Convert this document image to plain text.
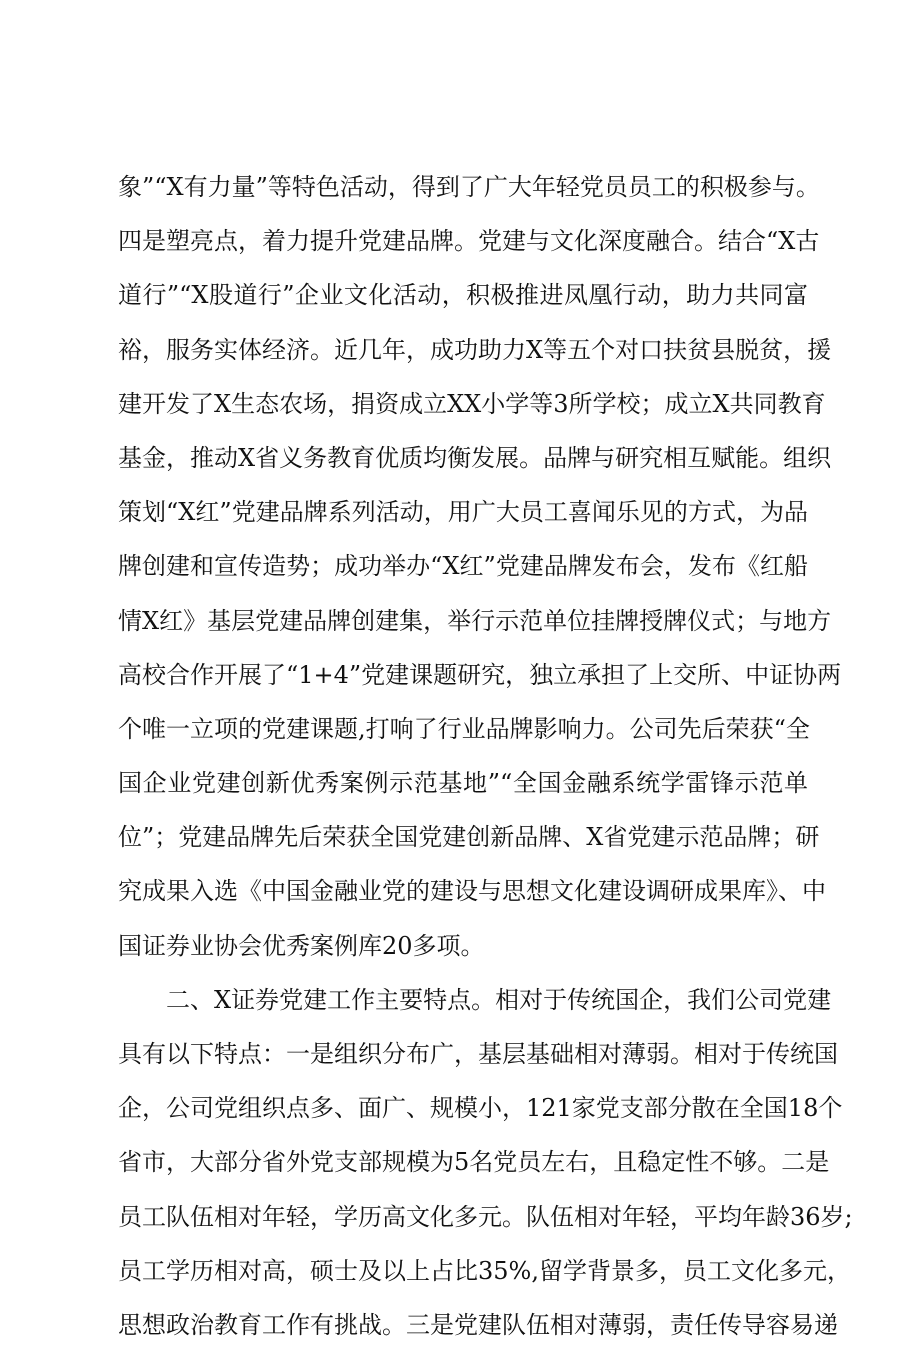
象”“X有力量”等特色活动，得到了广大年轻党员员工的积极参与。
四是塑亮点，着力提升党建品牌。党建与文化深度融合。结合“X古
道行”“X股道行”企业文化活动，积极推进凤凰行动，助力共同富
裕，服务实体经济。近几年，成功助力X等五个对口扶贫县脱贫，援
建开发了X生态农场，捐资成立XX小学等3所学校；成立X共同教育
基金，推动X省义务教育优质均衡发展。品牌与研究相互赋能。组织
策划“X红”党建品牌系列活动，用广大员工喜闻乐见的方式，为品
牌创建和宣传造势；成功举办“X红”党建品牌发布会，发布《红船
情X红》基层党建品牌创建集，举行示范单位挂牌授牌仪式；与地方
高校合作开展了“1+4”党建课题研究，独立承担了上交所、中证协两
个唯一立项的党建课题,打响了行业品牌影响力。公司先后荣获“全
国企业党建创新优秀案例示范基地”“全国金融系统学雷锋示范单
位”；党建品牌先后荣获全国党建创新品牌、X省党建示范品牌；研
究成果入选《中国金融业党的建设与思想文化建设调研成果库》、中
国证券业协会优秀案例库20多项。
二、X证券党建工作主要特点。相对于传统国企，我们公司党建
具有以下特点：一是组织分布广，基层基础相对薄弱。相对于传统国
企，公司党组织点多、面广、规模小，121家党支部分散在全国18个
省市，大部分省外党支部规模为5名党员左右，且稳定性不够。二是
员工队伍相对年轻，学历高文化多元。队伍相对年轻，平均年龄36岁;
员工学历相对高，硕士及以上占比35%,留学背景多，员工文化多元，
思想政治教育工作有挑战。三是党建队伍相对薄弱，责任传导容易递
